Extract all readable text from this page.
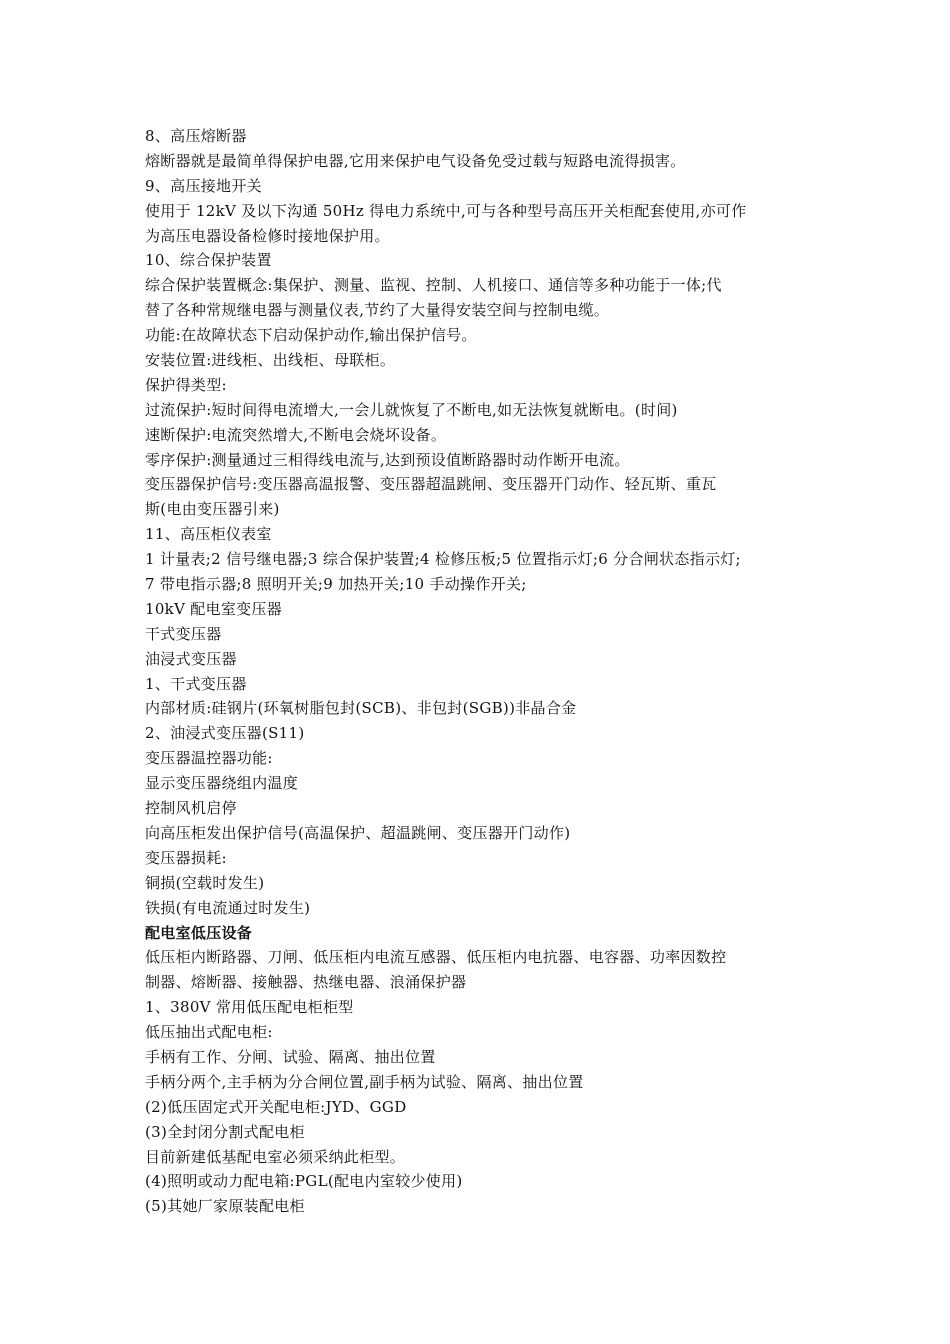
8、高压熔断器

熔断器就是最简单得保护电器,它用来保护电气设备免受过载与短路电流得损害。

9、高压接地开关

使用于 12kV 及以下沟通 50Hz 得电力系统中,可与各种型号高压开关柜配套使用,亦可作

为高压电器设备检修时接地保护用。

10、综合保护装置

综合保护装置概念:集保护、测量、监视、控制、人机接口、通信等多种功能于一体;代

替了各种常规继电器与测量仪表,节约了大量得安装空间与控制电缆。

功能:在故障状态下启动保护动作,输出保护信号。

安装位置:进线柜、出线柜、母联柜。

保护得类型:

过流保护:短时间得电流增大,一会儿就恢复了不断电,如无法恢复就断电。(时间)

速断保护:电流突然增大,不断电会烧坏设备。

零序保护:测量通过三相得线电流与,达到预设值断路器时动作断开电流。

变压器保护信号:变压器高温报警、变压器超温跳闸、变压器开门动作、轻瓦斯、重瓦

斯(电由变压器引来)

11、高压柜仪表室

1 计量表;2 信号继电器;3 综合保护装置;4 检修压板;5 位置指示灯;6 分合闸状态指示灯;

7 带电指示器;8 照明开关;9 加热开关;10 手动操作开关;

10kV 配电室变压器

干式变压器

油浸式变压器

1、干式变压器

内部材质:硅钢片(环氧树脂包封(SCB)、非包封(SGB))非晶合金

2、油浸式变压器(S11)

变压器温控器功能:

显示变压器绕组内温度

控制风机启停

向高压柜发出保护信号(高温保护、超温跳闸、变压器开门动作)

变压器损耗:

铜损(空载时发生)

铁损(有电流通过时发生)

配电室低压设备

低压柜内断路器、刀闸、低压柜内电流互感器、低压柜内电抗器、电容器、功率因数控

制器、熔断器、接触器、热继电器、浪涌保护器

1、380V 常用低压配电柜柜型

低压抽出式配电柜:

手柄有工作、分闸、试验、隔离、抽出位置

手柄分两个,主手柄为分合闸位置,副手柄为试验、隔离、抽出位置

(2)低压固定式开关配电柜:JYD、GGD

(3)全封闭分割式配电柜

目前新建低基配电室必须采纳此柜型。

(4)照明或动力配电箱:PGL(配电内室较少使用)

(5)其她厂家原装配电柜
